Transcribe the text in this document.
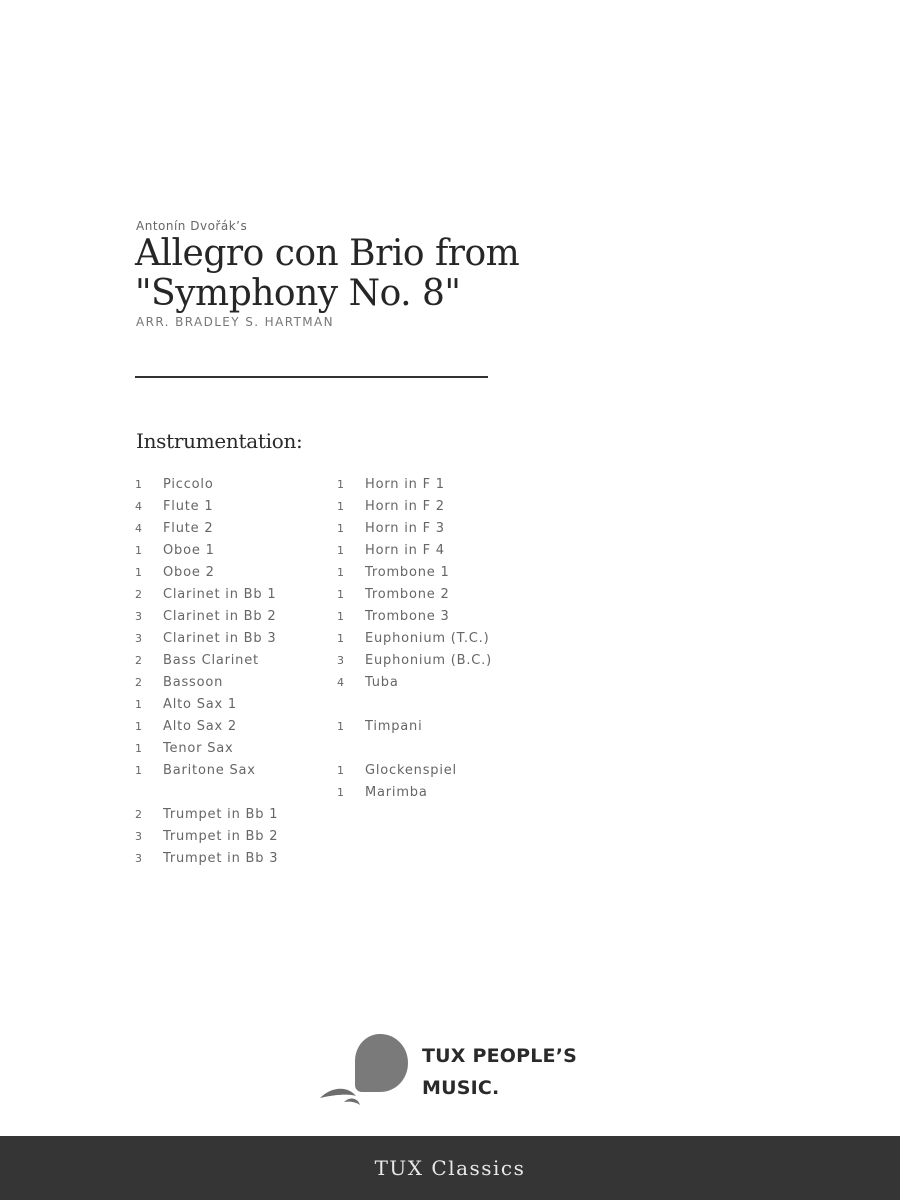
Antonín Dvořák’s
Allegro con Brio from
"Symphony No. 8"
ARR. BRADLEY S. HARTMAN
Instrumentation:
1	Piccolo
4	Flute 1
4	Flute 2
1	Oboe 1
1	Oboe 2
2	Clarinet in Bb 1
3	Clarinet in Bb 2
3	Clarinet in Bb 3
2	Bass Clarinet
2	Bassoon
1	Alto Sax 1
1	Alto Sax 2
1	Tenor Sax
1	Baritone Sax
2	Trumpet in Bb 1
3	Trumpet in Bb 2
3	Trumpet in Bb 3
1	Horn in F 1
1	Horn in F 2
1	Horn in F 3
1	Horn in F 4
1	Trombone 1
1	Trombone 2
1	Trombone 3
1	Euphonium (T.C.)
3	Euphonium (B.C.)
4	Tuba
1	Timpani
1	Glockenspiel
1	Marimba
TUX PEOPLE’S
MUSIC.
TUX Classics
